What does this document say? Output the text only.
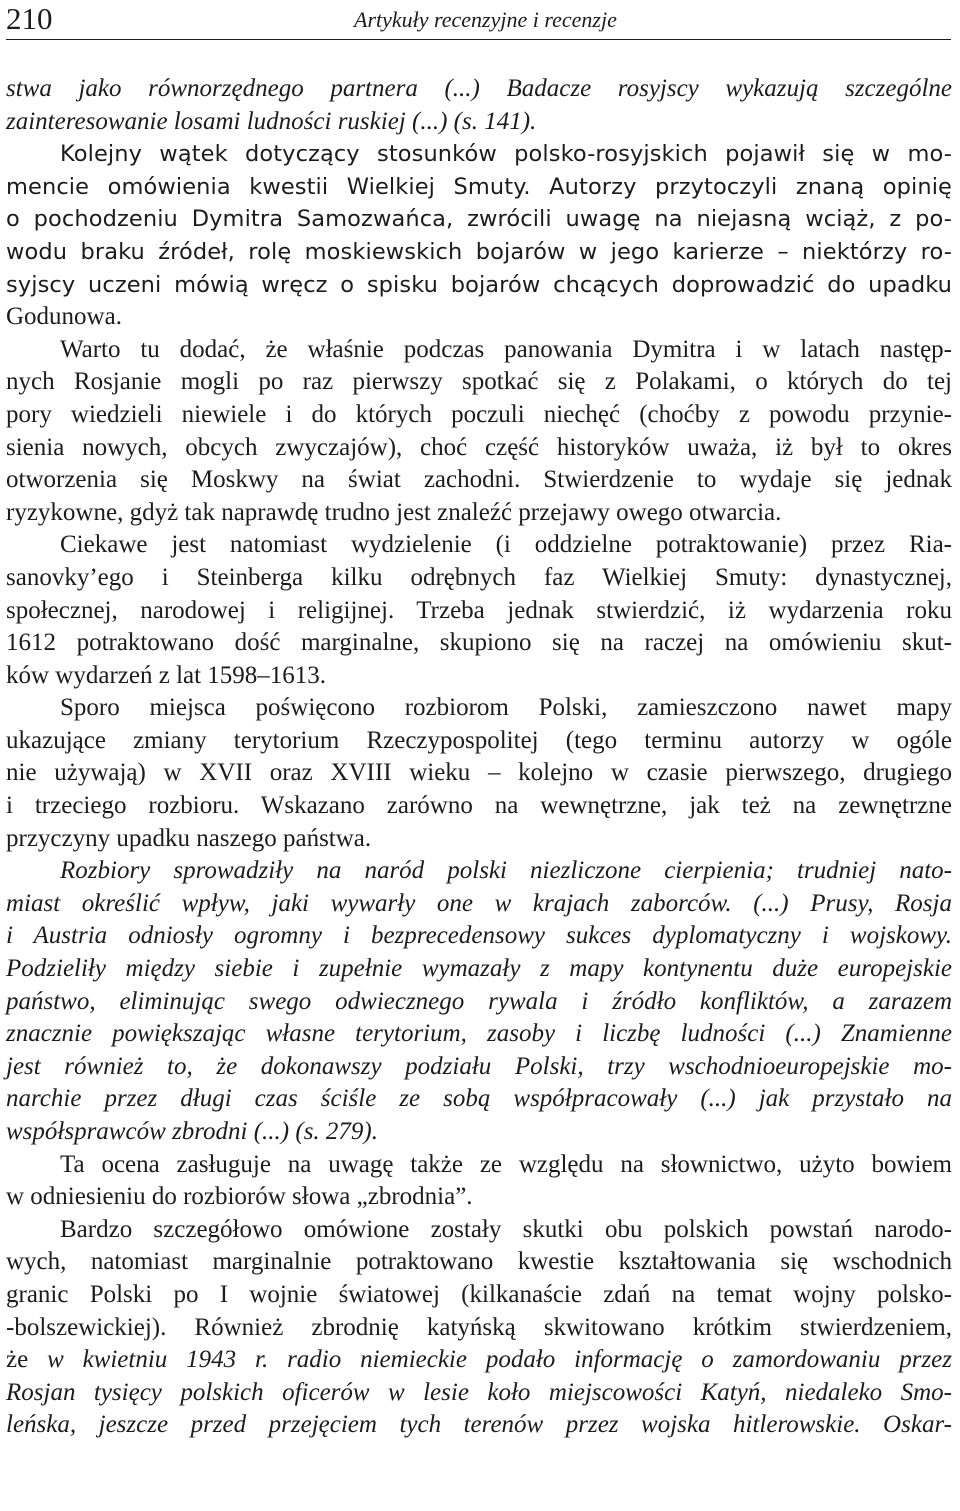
210	Artykuły recenzyjne i recenzje

stwa jako równorzędnego partnera (...) Badacze rosyjscy wykazują szczególne
zainteresowanie losami ludności ruskiej (...) (s. 141).

Kolejny wątek dotyczący stosunków polsko-rosyjskich pojawił się w mo-
mencie omówienia kwestii Wielkiej Smuty. Autorzy przytoczyli znaną opinię
o pochodzeniu Dymitra Samozwańca, zwrócili uwagę na niejasną wciąż, z po-
wodu braku źródeł, rolę moskiewskich bojarów w jego karierze – niektórzy ro-
syjscy uczeni mówią wręcz o spisku bojarów chcących doprowadzić do upadku
Godunowa.

Warto tu dodać, że właśnie podczas panowania Dymitra i w latach następ-
nych Rosjanie mogli po raz pierwszy spotkać się z Polakami, o których do tej
pory wiedzieli niewiele i do których poczuli niechęć (choćby z powodu przynie-
sienia nowych, obcych zwyczajów), choć część historyków uważa, iż był to okres
otworzenia się Moskwy na świat zachodni. Stwierdzenie to wydaje się jednak
ryzykowne, gdyż tak naprawdę trudno jest znaleźć przejawy owego otwarcia.

Ciekawe jest natomiast wydzielenie (i oddzielne potraktowanie) przez Ria-
sanovky’ego i Steinberga kilku odrębnych faz Wielkiej Smuty: dynastycznej,
społecznej, narodowej i religijnej. Trzeba jednak stwierdzić, iż wydarzenia roku
1612 potraktowano dość marginalne, skupiono się na raczej na omówieniu skut-
ków wydarzeń z lat 1598–1613.

Sporo miejsca poświęcono rozbiorom Polski, zamieszczono nawet mapy
ukazujące zmiany terytorium Rzeczypospolitej (tego terminu autorzy w ogóle
nie używają) w XVII oraz XVIII wieku – kolejno w czasie pierwszego, drugiego
i trzeciego rozbioru. Wskazano zarówno na wewnętrzne, jak też na zewnętrzne
przyczyny upadku naszego państwa.

Rozbiory sprowadziły na naród polski niezliczone cierpienia; trudniej nato-
miast określić wpływ, jaki wywarły one w krajach zaborców. (...) Prusy, Rosja
i Austria odniosły ogromny i bezprecedensowy sukces dyplomatyczny i wojskowy.
Podzieliły między siebie i zupełnie wymazały z mapy kontynentu duże europejskie
państwo, eliminując swego odwiecznego rywala i źródło konfliktów, a zarazem
znacznie powiększając własne terytorium, zasoby i liczbę ludności (...) Znamienne
jest również to, że dokonawszy podziału Polski, trzy wschodnioeuropejskie mo-
narchie przez długi czas ściśle ze sobą współpracowały (...) jak przystało na
współsprawców zbrodni (...) (s. 279).

Ta ocena zasługuje na uwagę także ze względu na słownictwo, użyto bowiem
w odniesieniu do rozbiorów słowa „zbrodnia”.

Bardzo szczegółowo omówione zostały skutki obu polskich powstań narodo-
wych, natomiast marginalnie potraktowano kwestie kształtowania się wschodnich
granic Polski po I wojnie światowej (kilkanaście zdań na temat wojny polsko-
-bolszewickiej). Również zbrodnię katyńską skwitowano krótkim stwierdzeniem,
że w kwietniu 1943 r. radio niemieckie podało informację o zamordowaniu przez
Rosjan tysięcy polskich oficerów w lesie koło miejscowości Katyń, niedaleko Smo-
leńska, jeszcze przed przejęciem tych terenów przez wojska hitlerowskie. Oskar-
